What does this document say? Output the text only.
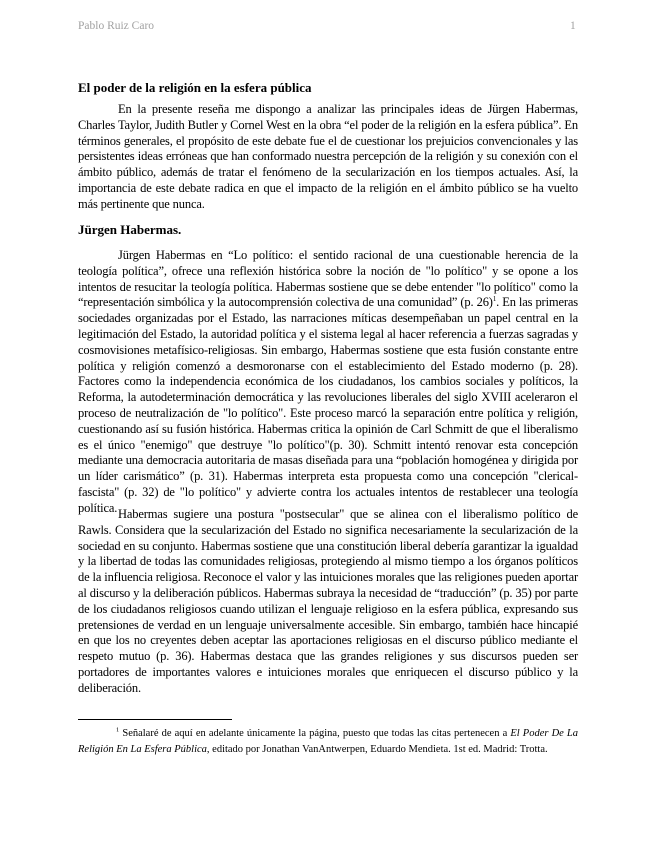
Pablo Ruiz Caro	1
El poder de la religión en la esfera pública
En la presente reseña me dispongo a analizar las principales ideas de Jürgen Habermas, Charles Taylor, Judith Butler y Cornel West en la obra “el poder de la religión en la esfera pública”. En términos generales, el propósito de este debate fue el de cuestionar los prejuicios convencionales y las persistentes ideas erróneas que han conformado nuestra percepción de la religión y su conexión con el ámbito público, además de tratar el fenómeno de la secularización en los tiempos actuales. Así, la importancia de este debate radica en que el impacto de la religión en el ámbito público se ha vuelto más pertinente que nunca.
Jürgen Habermas.
Jürgen Habermas en “Lo político: el sentido racional de una cuestionable herencia de la teología política”, ofrece una reflexión histórica sobre la noción de "lo político" y se opone a los intentos de resucitar la teología política. Habermas sostiene que se debe entender "lo político" como la “representación simbólica y la autocomprensión colectiva de una comunidad” (p. 26)$^1$. En las primeras sociedades organizadas por el Estado, las narraciones míticas desempeñaban un papel central en la legitimación del Estado, la autoridad política y el sistema legal al hacer referencia a fuerzas sagradas y cosmovisiones metafísico-religiosas. Sin embargo, Habermas sostiene que esta fusión constante entre política y religión comenzó a desmoronarse con el establecimiento del Estado moderno (p. 28). Factores como la independencia económica de los ciudadanos, los cambios sociales y políticos, la Reforma, la autodeterminación democrática y las revoluciones liberales del siglo XVIII aceleraron el proceso de neutralización de "lo político". Este proceso marcó la separación entre política y religión, cuestionando así su fusión histórica. Habermas critica la opinión de Carl Schmitt de que el liberalismo es el único "enemigo" que destruye "lo político"(p. 30). Schmitt intentó renovar esta concepción mediante una democracia autoritaria de masas diseñada para una “población homogénea y dirigida por un líder carismático” (p. 31). Habermas interpreta esta propuesta como una concepción "clerical-fascista" (p. 32) de "lo político" y advierte contra los actuales intentos de restablecer una teología política. Habermas sugiere una postura "postsecular" que se alinea con el liberalismo político de Rawls. Considera que la secularización del Estado no significa necesariamente la secularización de la sociedad en su conjunto. Habermas sostiene que una constitución liberal debería garantizar la igualdad y la libertad de todas las comunidades religiosas, protegiendo al mismo tiempo a los órganos políticos de la influencia religiosa. Reconoce el valor y las intuiciones morales que las religiones pueden aportar al discurso y la deliberación públicos. Habermas subraya la necesidad de “traducción” (p. 35) por parte de los ciudadanos religiosos cuando utilizan el lenguaje religioso en la esfera pública, expresando sus pretensiones de verdad en un lenguaje universalmente accesible. Sin embargo, también hace hincapié en que los no creyentes deben aceptar las aportaciones religiosas en el discurso público mediante el respeto mutuo (p. 36). Habermas destaca que las grandes religiones y sus discursos pueden ser portadores de importantes valores e intuiciones morales que enriquecen el discurso público y la deliberación.
$^1$ Señalaré de aquí en adelante únicamente la página, puesto que todas las citas pertenecen a El Poder De La Religión En La Esfera Pública, editado por Jonathan VanAntwerpen, Eduardo Mendieta. 1st ed. Madrid: Trotta.
